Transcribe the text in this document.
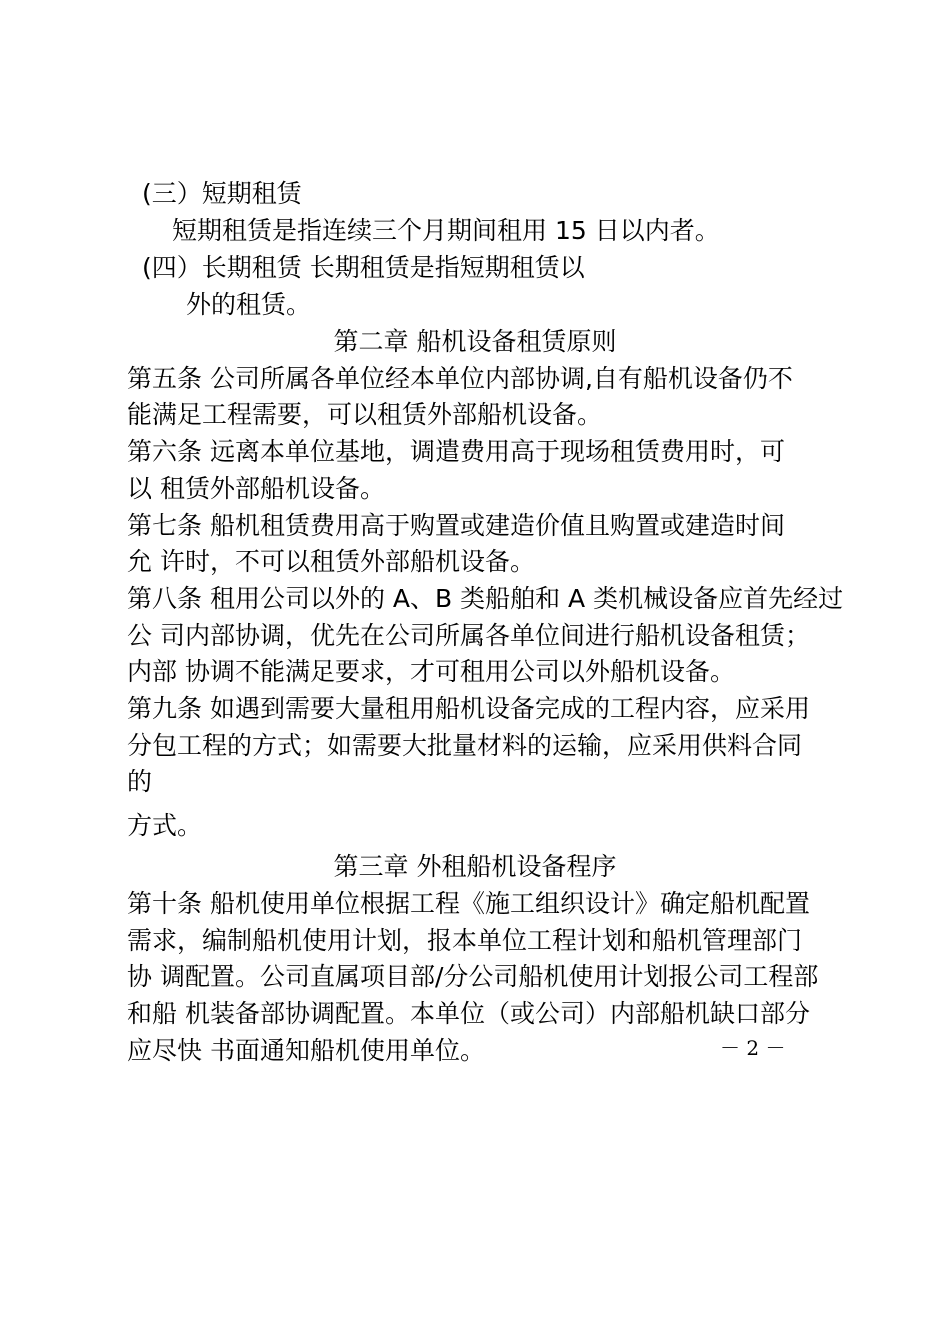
(三）短期租赁
短期租赁是指连续三个月期间租用 15 日以内者。
(四）长期租赁 长期租赁是指短期租赁以
外的租赁。
第二章 船机设备租赁原则
第五条 公司所属各单位经本单位内部协调,自有船机设备仍不
能满足工程需要，可以租赁外部船机设备。
第六条 远离本单位基地，调遣费用高于现场租赁费用时，可
以 租赁外部船机设备。
第七条 船机租赁费用高于购置或建造价值且购置或建造时间
允 许时，不可以租赁外部船机设备。
第八条 租用公司以外的 A、B 类船舶和 A 类机械设备应首先经过
公 司内部协调，优先在公司所属各单位间进行船机设备租赁；
内部 协调不能满足要求，才可租用公司以外船机设备。
第九条 如遇到需要大量租用船机设备完成的工程内容，应采用
分包工程的方式；如需要大批量材料的运输，应采用供料合同
的
方式。
第三章 外租船机设备程序
第十条 船机使用单位根据工程《施工组织设计》确定船机配置
需求，编制船机使用计划，报本单位工程计划和船机管理部门
协 调配置。公司直属项目部/分公司船机使用计划报公司工程部
和船 机装备部协调配置。本单位（或公司）内部船机缺口部分
应尽快 书面通知船机使用单位。	－ 2 －
